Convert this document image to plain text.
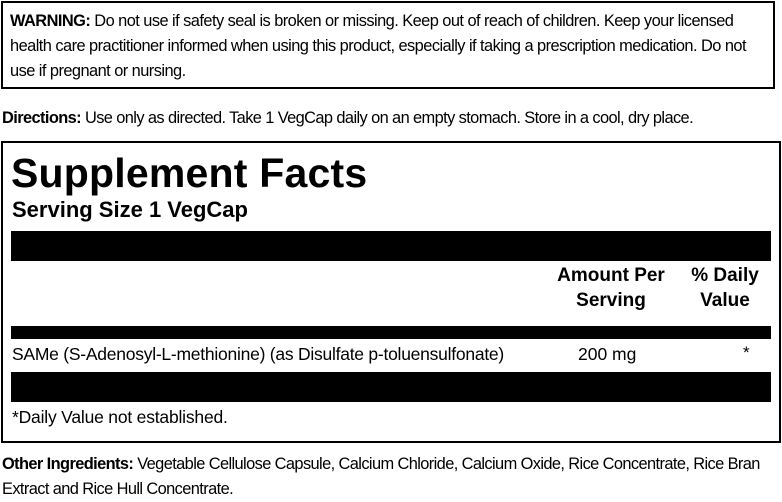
WARNING: Do not use if safety seal is broken or missing. Keep out of reach of children. Keep your licensed health care practitioner informed when using this product, especially if taking a prescription medication. Do not use if pregnant or nursing.
Directions: Use only as directed. Take 1 VegCap daily on an empty stomach. Store in a cool, dry place.
Supplement Facts
Serving Size 1 VegCap
Amount Per
Serving
% Daily
Value
SAMe (S-Adenosyl-L-methionine) (as Disulfate p-toluensulfonate)	200 mg	*
*Daily Value not established.
Other Ingredients: Vegetable Cellulose Capsule, Calcium Chloride, Calcium Oxide, Rice Concentrate, Rice Bran Extract and Rice Hull Concentrate.
